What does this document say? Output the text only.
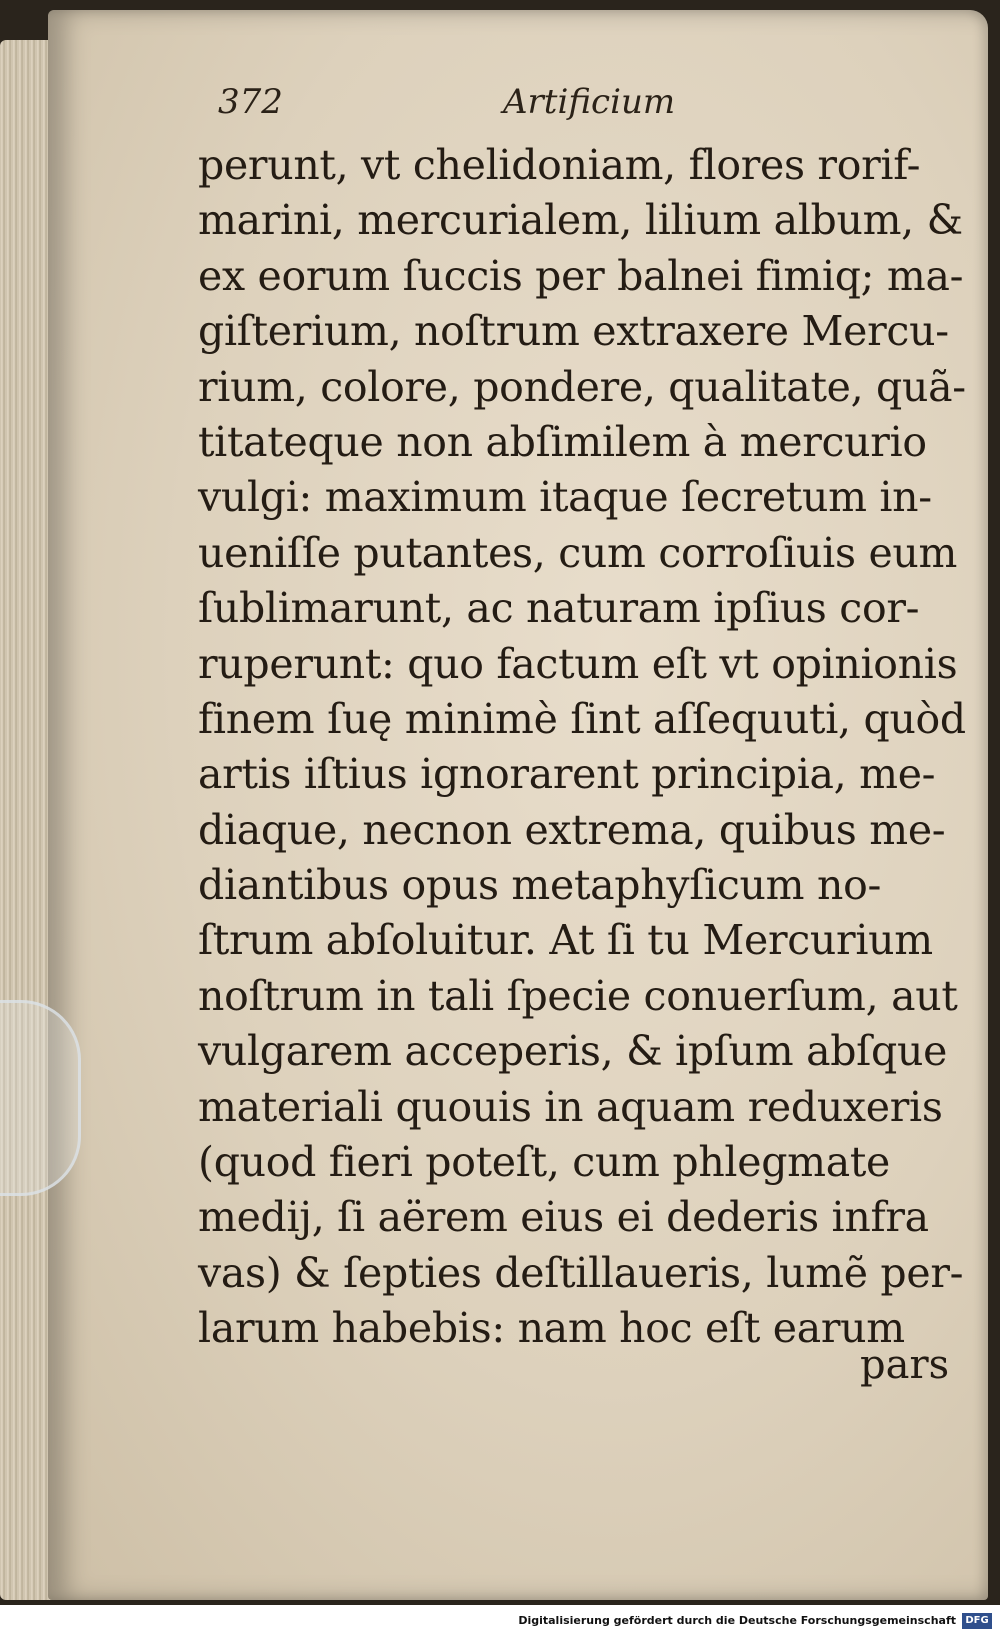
372	Artificium
perunt, vt chelidoniam, flores rorif-
marini, mercurialem, lilium album, &
ex eorum ſuccis per balnei fimiq; ma-
giſterium, noſtrum extraxere Mercu-
rium, colore, pondere, qualitate, quã-
titateque non abſimilem à mercurio
vulgi: maximum itaque ſecretum in-
ueniſſe putantes, cum corroſiuis eum
ſublimarunt, ac naturam ipſius cor-
ruperunt: quo factum eſt vt opinionis
finem ſuę minimè ſint aſſequuti, quòd
artis iſtius ignorarent principia, me-
diaque, necnon extrema, quibus me-
diantibus opus metaphyſicum no-
ſtrum abſoluitur. At ſi tu Mercurium
noſtrum in tali ſpecie conuerſum, aut
vulgarem acceperis, & ipſum abſque
materiali quouis in aquam reduxeris
(quod fieri poteſt, cum phlegmate
medij, ſi aërem eius ei dederis infra
vas) & ſepties deſtillaueris, lumẽ per-
larum habebis: nam hoc eſt earum
pars
Digitalisierung gefördert durch die Deutsche Forschungsgemeinschaft DFG
